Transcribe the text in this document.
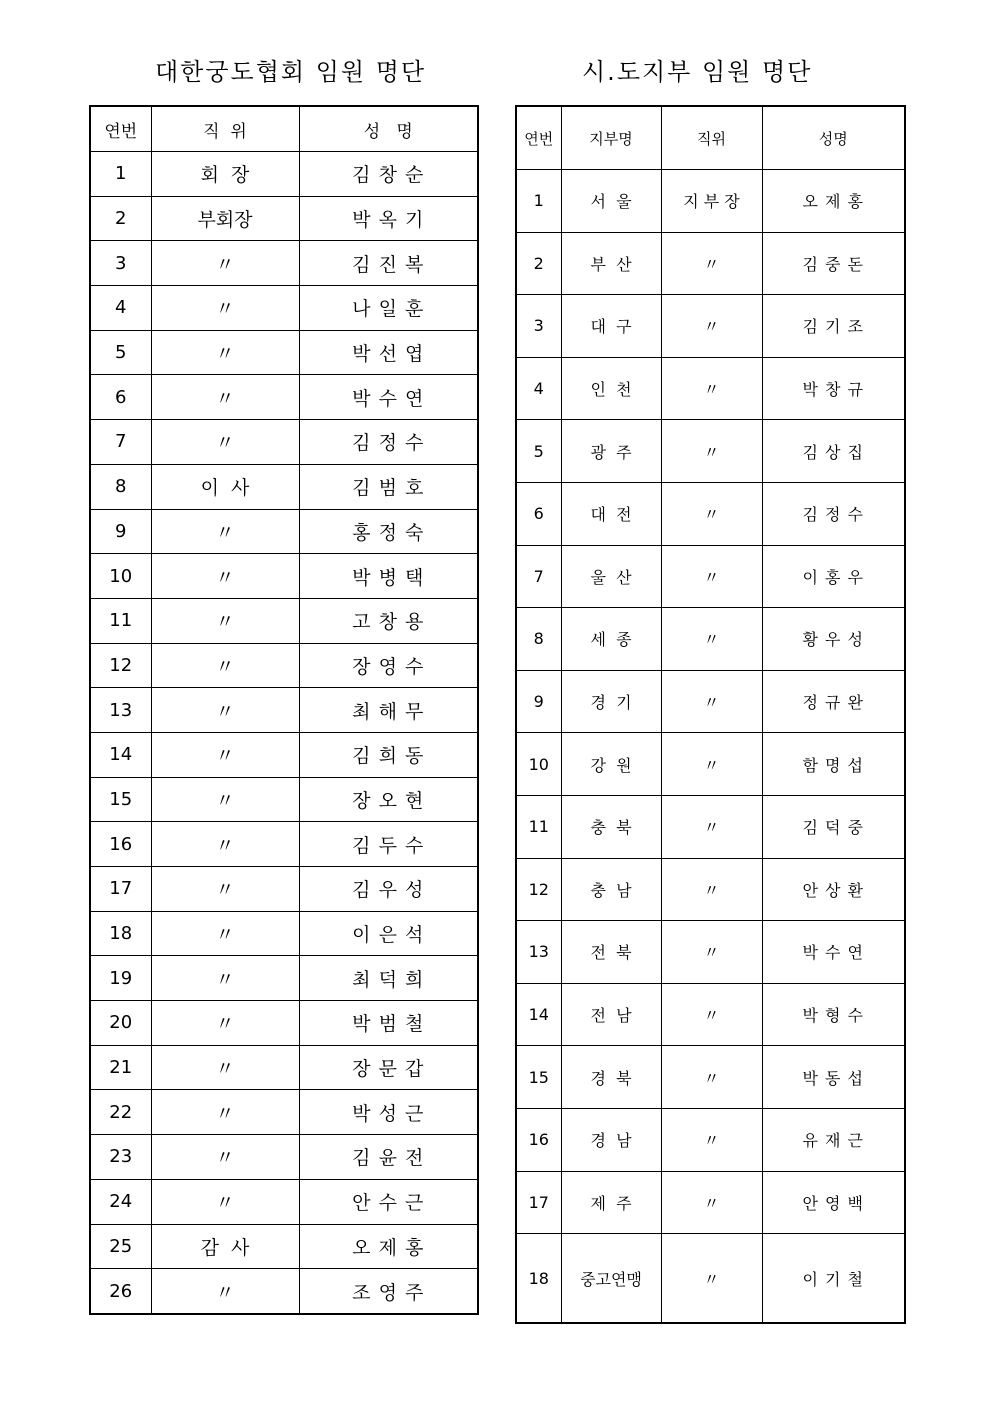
대한궁도협회 임원 명단	시.도지부 임원 명단
연번	직  위	성   명
1	회  장	김 창 순
2	부회장	박 옥 기
3	〃	김 진 복
4	〃	나 일 훈
5	〃	박 선 엽
6	〃	박 수 연
7	〃	김 정 수
8	이  사	김 범 호
9	〃	홍 정 숙
10	〃	박 병 택
11	〃	고 창 용
12	〃	장 영 수
13	〃	최 해 무
14	〃	김 희 동
15	〃	장 오 현
16	〃	김 두 수
17	〃	김 우 성
18	〃	이 은 석
19	〃	최 덕 희
20	〃	박 범 철
21	〃	장 문 갑
22	〃	박 성 근
23	〃	김 윤 전
24	〃	안 수 근
25	감  사	오 제 홍
26	〃	조 영 주
연번	지부명	직위	성명
1	서  울	지 부 장	오 제 홍
2	부  산	〃	김 중 돈
3	대  구	〃	김 기 조
4	인  천	〃	박 창 규
5	광  주	〃	김 상 집
6	대  전	〃	김 정 수
7	울  산	〃	이 홍 우
8	세  종	〃	황 우 성
9	경  기	〃	정 규 완
10	강  원	〃	함 명 섭
11	충  북	〃	김 덕 중
12	충  남	〃	안 상 환
13	전  북	〃	박 수 연
14	전  남	〃	박 형 수
15	경  북	〃	박 동 섭
16	경  남	〃	유 재 근
17	제  주	〃	안 영 백
18	중고연맹	〃	이 기 철
